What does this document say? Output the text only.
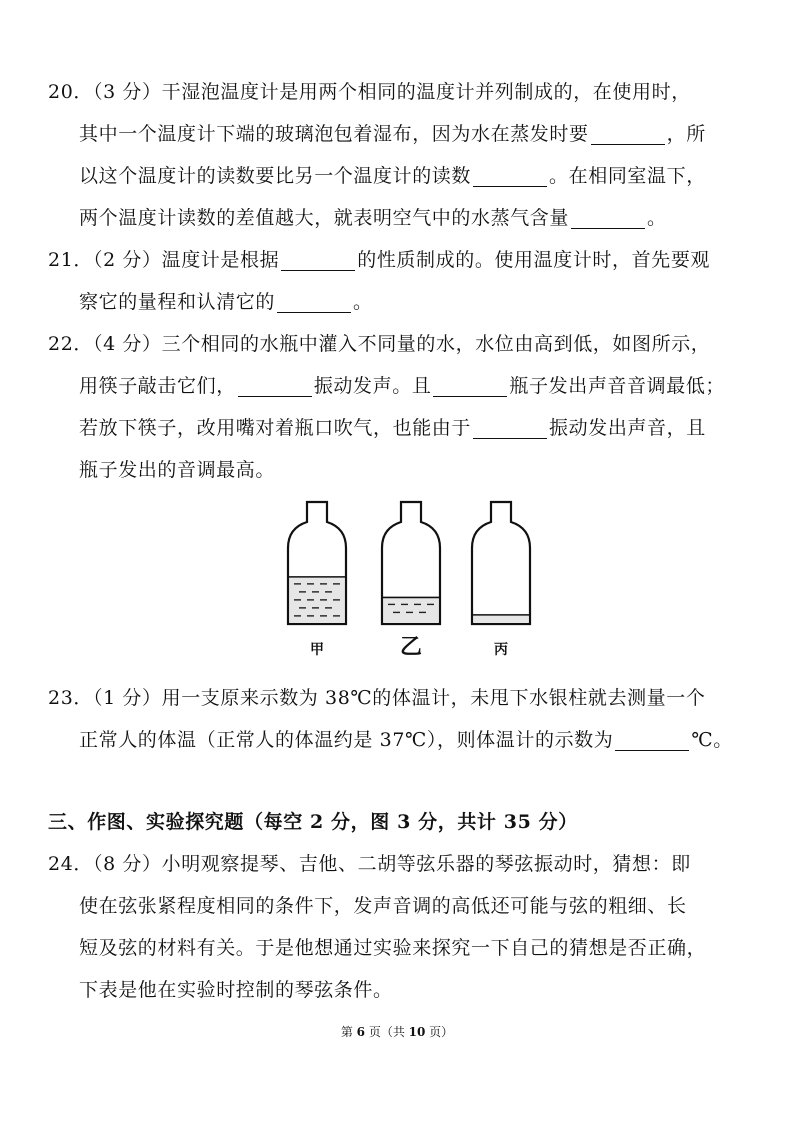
20．（3 分）干湿泡温度计是用两个相同的温度计并列制成的，在使用时，
其中一个温度计下端的玻璃泡包着湿布，因为水在蒸发时要	，所
以这个温度计的读数要比另一个温度计的读数	。在相同室温下，
两个温度计读数的差值越大，就表明空气中的水蒸气含量	。
21．（2 分）温度计是根据	的性质制成的。使用温度计时，首先要观
察它的量程和认清它的	。
22．（4 分）三个相同的水瓶中灌入不同量的水，水位由高到低，如图所示，
用筷子敲击它们，	振动发声。且	瓶子发出声音音调最低；
若放下筷子，改用嘴对着瓶口吹气，也能由于	振动发出声音，且
瓶子发出的音调最高。
甲	乙	丙
23．（1 分）用一支原来示数为 38℃的体温计，未甩下水银柱就去测量一个
正常人的体温（正常人的体温约是 37℃），则体温计的示数为	℃。
三、作图、实验探究题（每空 2 分，图 3 分，共计 35 分）
24．（8 分）小明观察提琴、吉他、二胡等弦乐器的琴弦振动时，猜想：即
使在弦张紧程度相同的条件下，发声音调的高低还可能与弦的粗细、长
短及弦的材料有关。于是他想通过实验来探究一下自己的猜想是否正确，
下表是他在实验时控制的琴弦条件。
第 6 页（共 10 页）
